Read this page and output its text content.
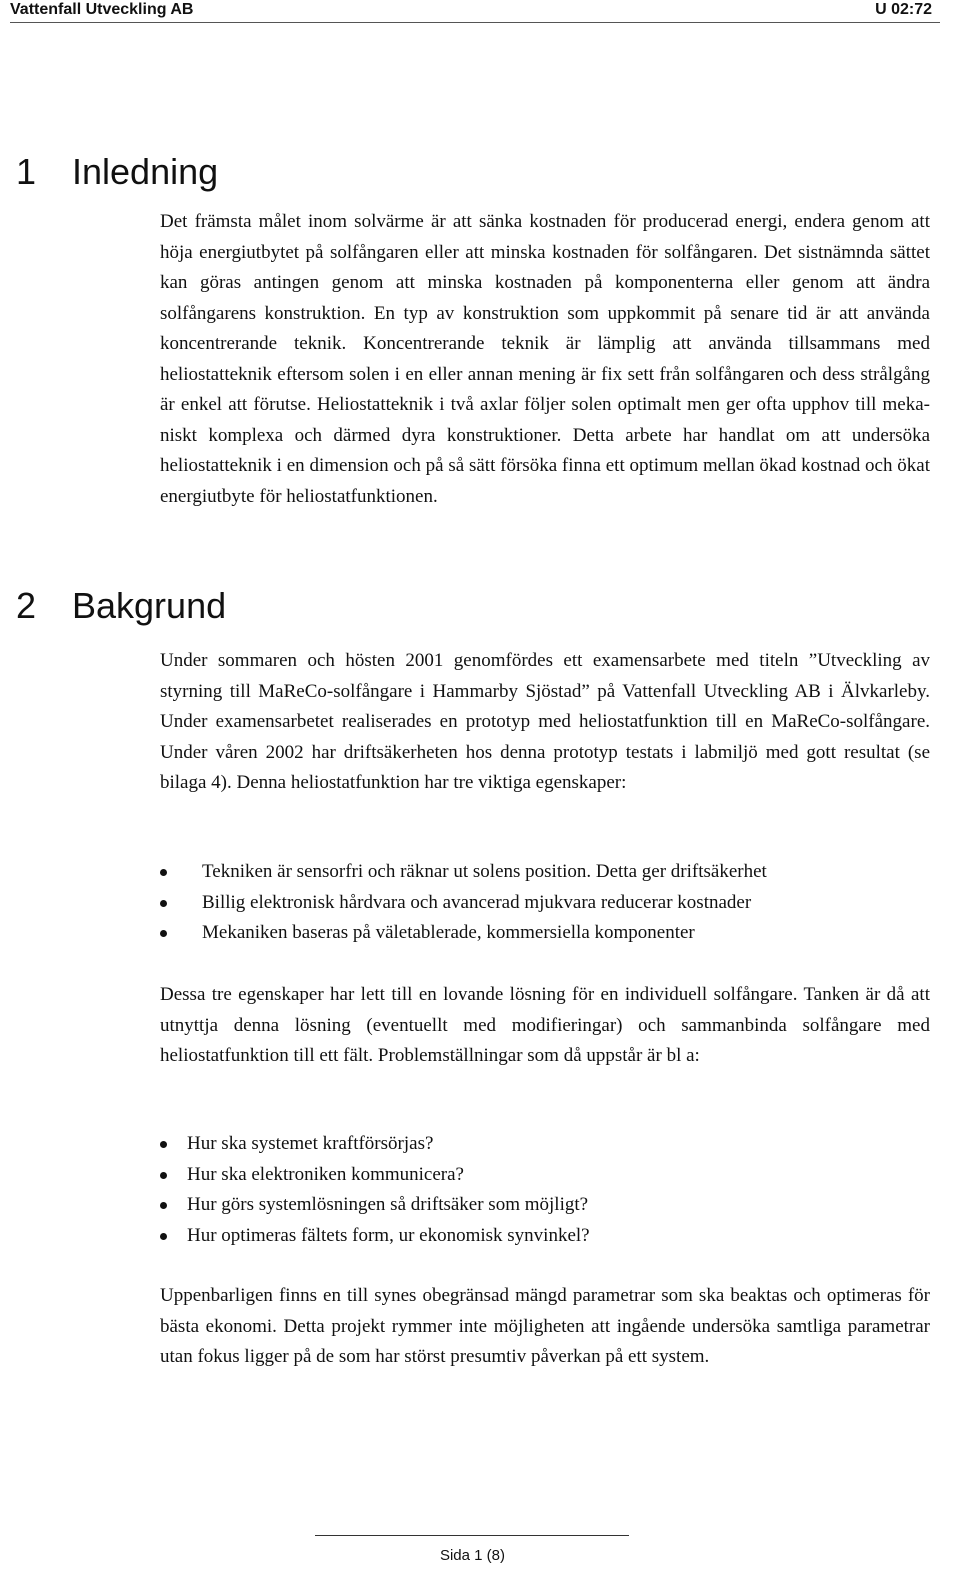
Vattenfall Utveckling AB	U 02:72
1 Inledning

Det främsta målet inom solvärme är att sänka kostnaden för producerad energi, endera genom att höja energiutbytet på solfångaren eller att minska kostnaden för solfångaren. Det sistnämnda sättet kan göras antingen genom att minska kostnaden på komponenterna eller genom att ändra solfångarens konstruktion. En typ av konstruktion som uppkommit på senare tid är att använda koncentrerande teknik. Koncentrerande teknik är lämplig att använda tillsammans med heliostatteknik eftersom solen i en eller annan mening är fix sett från solfångaren och dess strålgång är enkel att förutse. Heliostatteknik i två axlar följer solen optimalt men ger ofta upphov till mekaniskt komplexa och därmed dyra konstruktioner. Detta arbete har handlat om att undersöka heliostatteknik i en dimension och på så sätt försöka finna ett optimum mellan ökad kostnad och ökat energiutbyte för heliostatfunktionen.

2 Bakgrund

Under sommaren och hösten 2001 genomfördes ett examensarbete med titeln ”Utveckling av styrning till MaReCo-solfångare i Hammarby Sjöstad” på Vattenfall Utveckling AB i Älvkarleby. Under examensarbetet realiserades en prototyp med heliostatfunktion till en MaReCo-solfångare. Under våren 2002 har driftsäkerheten hos denna prototyp testats i labmiljö med gott resultat (se bilaga 4). Denna heliostatfunktion har tre viktiga egenskaper:

Tekniken är sensorfri och räknar ut solens position. Detta ger driftsäkerhet
Billig elektronisk hårdvara och avancerad mjukvara reducerar kostnader
Mekaniken baseras på väletablerade, kommersiella komponenter

Dessa tre egenskaper har lett till en lovande lösning för en individuell solfångare. Tanken är då att utnyttja denna lösning (eventuellt med modifieringar) och sammanbinda solfångare med heliostatfunktion till ett fält. Problemställningar som då uppstår är bl a:

Hur ska systemet kraftförsörjas?
Hur ska elektroniken kommunicera?
Hur görs systemlösningen så driftsäker som möjligt?
Hur optimeras fältets form, ur ekonomisk synvinkel?

Uppenbarligen finns en till synes obegränsad mängd parametrar som ska beaktas och optimeras för bästa ekonomi. Detta projekt rymmer inte möjligheten att ingående undersöka samtliga parametrar utan fokus ligger på de som har störst presumtiv påverkan på ett system.

Sida 1 (8)
